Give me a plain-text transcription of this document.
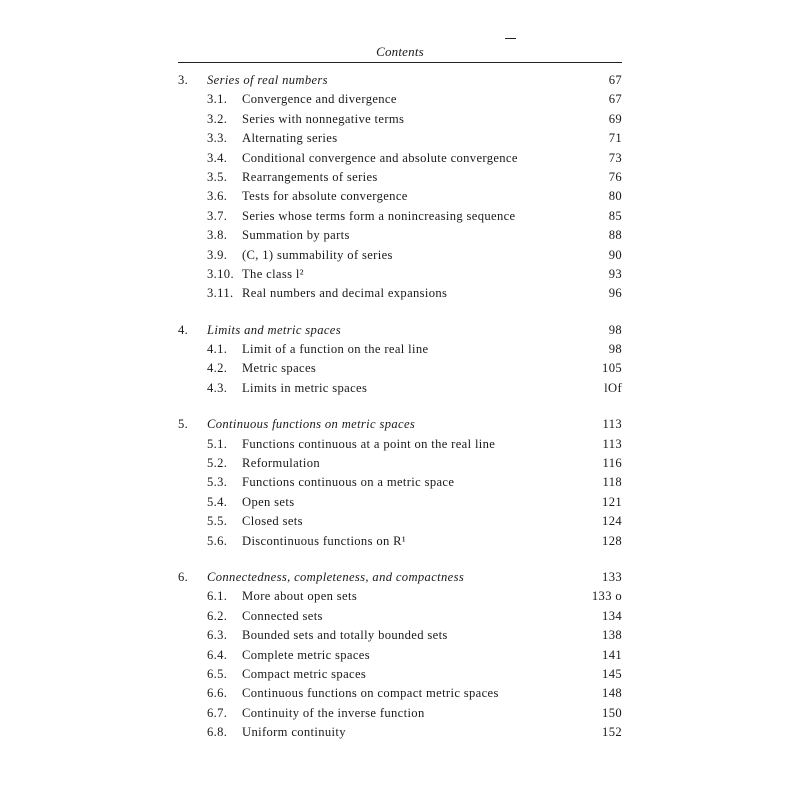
Contents
3. Series of real numbers	67
3.1. Convergence and divergence	67
3.2. Series with nonnegative terms	69
3.3. Alternating series	71
3.4. Conditional convergence and absolute convergence	73
3.5. Rearrangements of series	76
3.6. Tests for absolute convergence	80
3.7. Series whose terms form a nonincreasing sequence	85
3.8. Summation by parts	88
3.9. (C, 1) summability of series	90
3.10. The class l²	93
3.11. Real numbers and decimal expansions	96
4. Limits and metric spaces	98
4.1. Limit of a function on the real line	98
4.2. Metric spaces	105
4.3. Limits in metric spaces	lOf
5. Continuous functions on metric spaces	113
5.1. Functions continuous at a point on the real line	113
5.2. Reformulation	116
5.3. Functions continuous on a metric space	118
5.4. Open sets	121
5.5. Closed sets	124
5.6. Discontinuous functions on R¹	128
6. Connectedness, completeness, and compactness	133
6.1. More about open sets	133 o
6.2. Connected sets	134
6.3. Bounded sets and totally bounded sets	138
6.4. Complete metric spaces	141
6.5. Compact metric spaces	145
6.6. Continuous functions on compact metric spaces	148
6.7. Continuity of the inverse function	150
6.8. Uniform continuity	152
